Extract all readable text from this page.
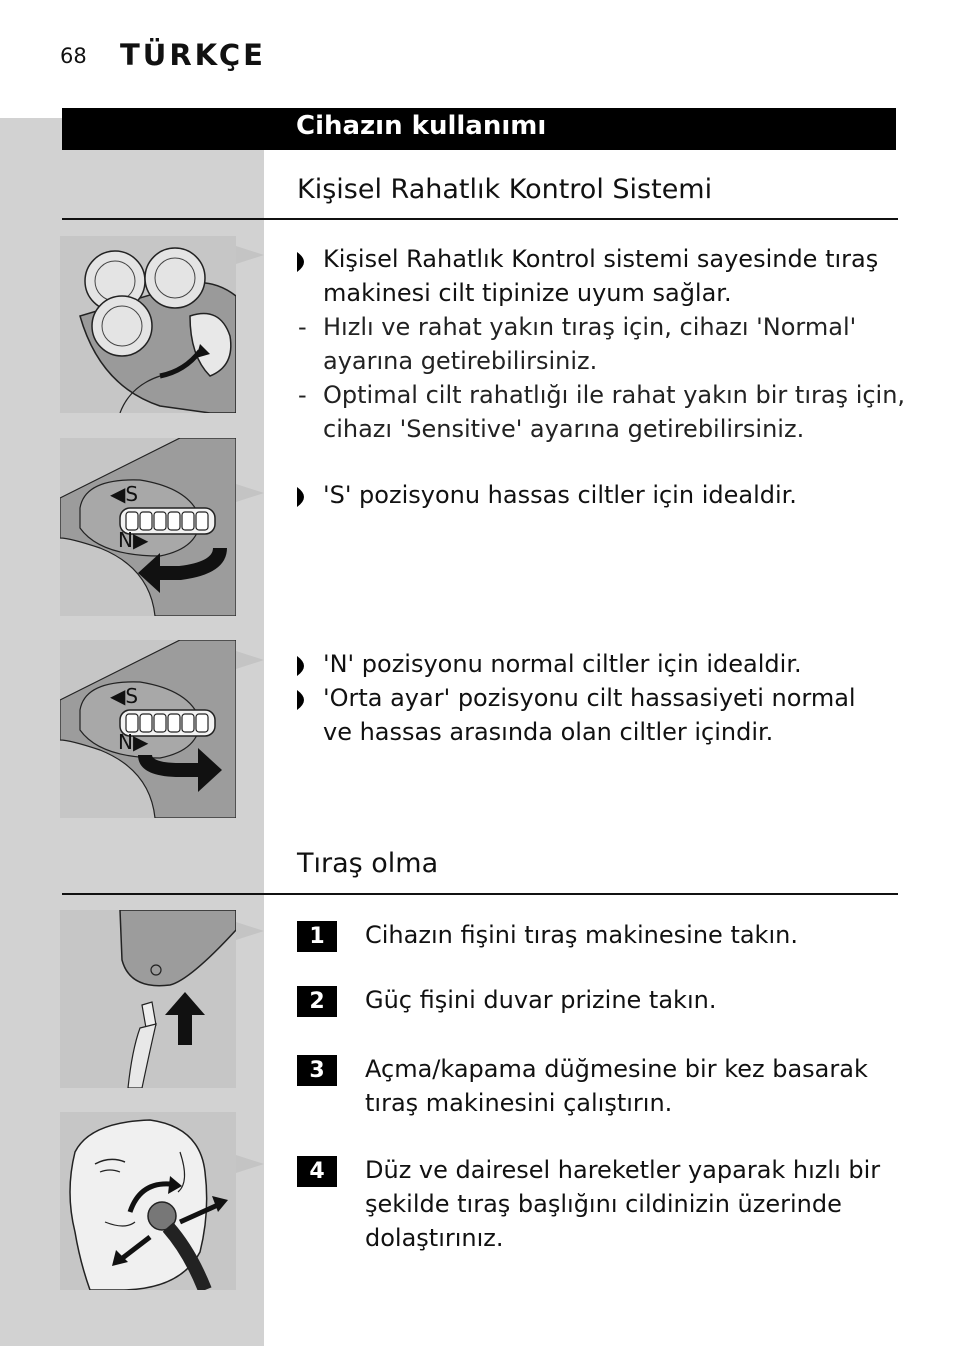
68 TÜRKÇE
Cihazın kullanımı
Kişisel Rahatlık Kontrol Sistemi
Kişisel Rahatlık Kontrol sistemi sayesinde tıraş
makinesi cilt tipinize uyum sağlar.
- Hızlı ve rahat yakın tıraş için, cihazı 'Normal'
ayarına getirebilirsiniz.
- Optimal cilt rahatlığı ile rahat yakın bir tıraş için,
cihazı 'Sensitive' ayarına getirebilirsiniz.
◀S
N▶
'S' pozisyonu hassas ciltler için idealdir.
◀S
N▶
'N' pozisyonu normal ciltler için idealdir.
'Orta ayar' pozisyonu cilt hassasiyeti normal
ve hassas arasında olan ciltler içindir.
Tıraş olma
1	Cihazın fişini tıraş makinesine takın.
2	Güç fişini duvar prizine takın.
3	Açma/kapama düğmesine bir kez basarak
tıraş makinesini çalıştırın.
4	Düz ve dairesel hareketler yaparak hızlı bir
şekilde tıraş başlığını cildinizin üzerinde
dolaştırınız.
